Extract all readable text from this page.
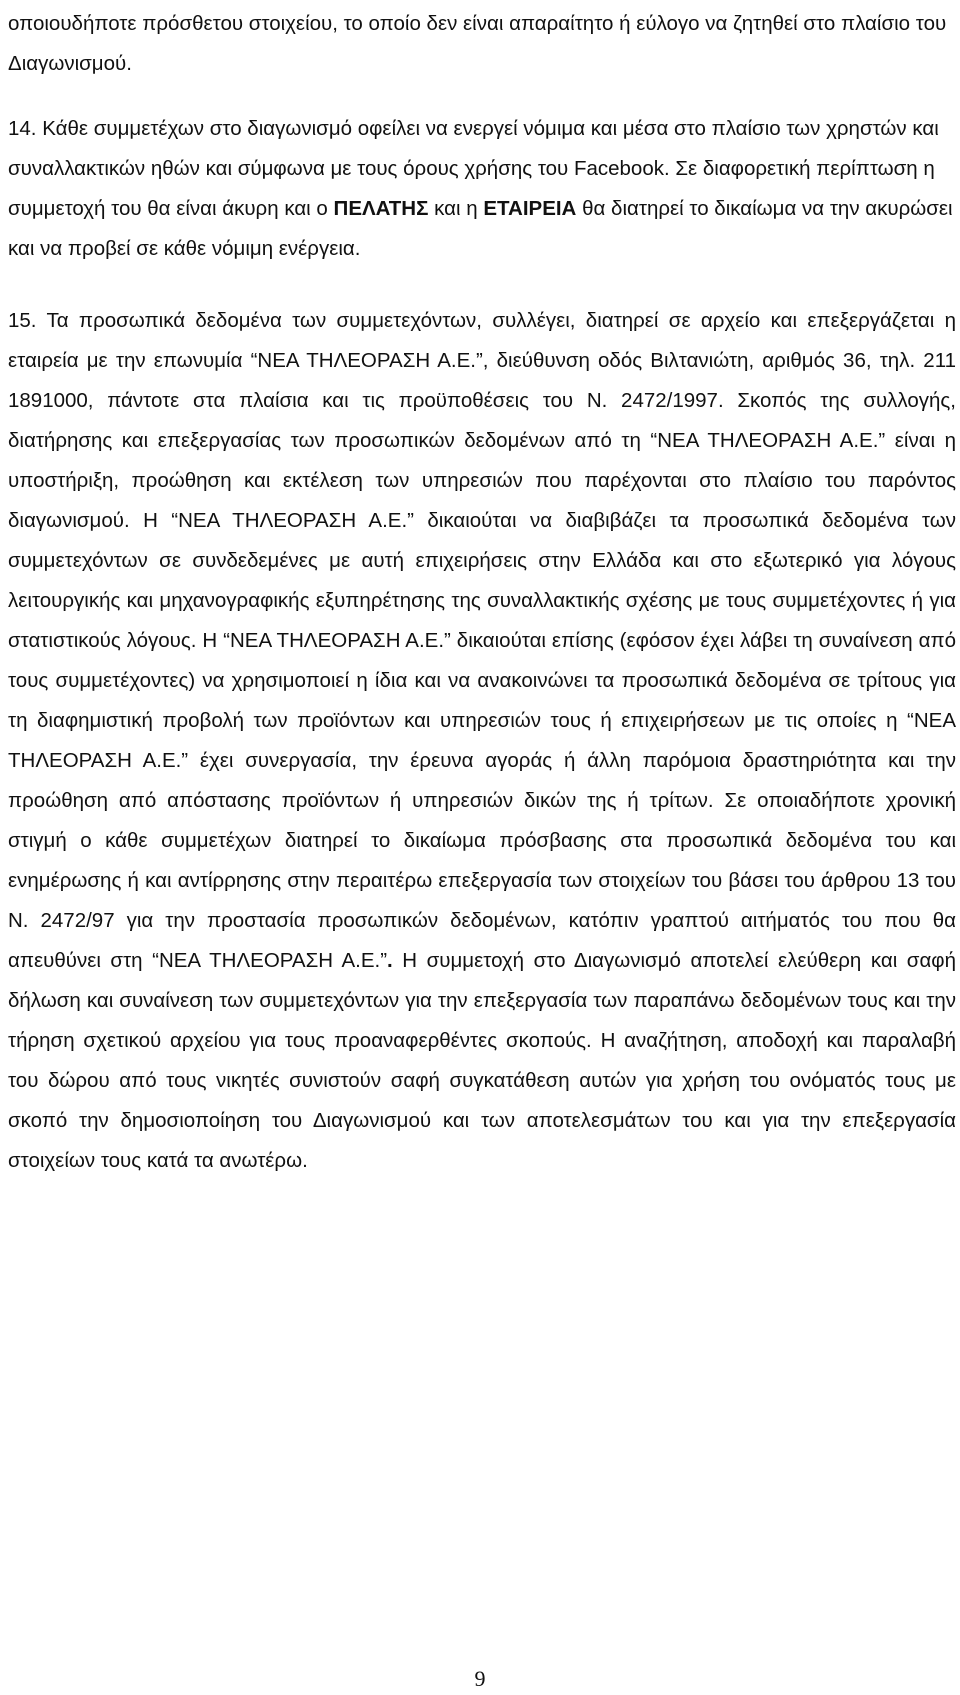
οποιουδήποτε πρόσθετου στοιχείου, το οποίο δεν είναι απαραίτητο ή εύλογο να ζητηθεί στο πλαίσιο του Διαγωνισμού.

14. Κάθε συμμετέχων στο διαγωνισμό οφείλει να ενεργεί νόμιμα και μέσα στο πλαίσιο των χρηστών και συναλλακτικών ηθών και σύμφωνα με τους όρους χρήσης του Facebook. Σε διαφορετική περίπτωση η συμμετοχή του θα είναι άκυρη και ο ΠΕΛΑΤΗΣ και η ΕΤΑΙΡΕΙΑ θα διατηρεί το δικαίωμα να την ακυρώσει και να προβεί σε κάθε νόμιμη ενέργεια.

15. Τα προσωπικά δεδομένα των συμμετεχόντων, συλλέγει, διατηρεί σε αρχείο και επεξεργάζεται η εταιρεία με την επωνυμία “ΝΕΑ ΤΗΛΕΟΡΑΣΗ Α.Ε.”, διεύθυνση οδός Βιλτανιώτη, αριθμός 36, τηλ. 211 1891000, πάντοτε στα πλαίσια και τις προϋποθέσεις του Ν. 2472/1997. Σκοπός της συλλογής, διατήρησης και επεξεργασίας των προσωπικών δεδομένων από τη “ΝΕΑ ΤΗΛΕΟΡΑΣΗ Α.Ε.” είναι η υποστήριξη, προώθηση και εκτέλεση των υπηρεσιών που παρέχονται στο πλαίσιο του παρόντος διαγωνισμού. Η “ΝΕΑ ΤΗΛΕΟΡΑΣΗ Α.Ε.” δικαιούται να διαβιβάζει τα προσωπικά δεδομένα των συμμετεχόντων σε συνδεδεμένες με αυτή επιχειρήσεις στην Ελλάδα και στο εξωτερικό για λόγους λειτουργικής και μηχανογραφικής εξυπηρέτησης της συναλλακτικής σχέσης με τους συμμετέχοντες ή για στατιστικούς λόγους. Η “ΝΕΑ ΤΗΛΕΟΡΑΣΗ Α.Ε.” δικαιούται επίσης (εφόσον έχει λάβει τη συναίνεση από τους συμμετέχοντες) να χρησιμοποιεί η ίδια και να ανακοινώνει τα προσωπικά δεδομένα σε τρίτους για τη διαφημιστική προβολή των προϊόντων και υπηρεσιών τους ή επιχειρήσεων με τις οποίες η “ΝΕΑ ΤΗΛΕΟΡΑΣΗ Α.Ε.” έχει συνεργασία, την έρευνα αγοράς ή άλλη παρόμοια δραστηριότητα και την προώθηση από απόστασης προϊόντων ή υπηρεσιών δικών της ή τρίτων. Σε οποιαδήποτε χρονική στιγμή ο κάθε συμμετέχων διατηρεί το δικαίωμα πρόσβασης στα προσωπικά δεδομένα του και ενημέρωσης ή και αντίρρησης στην περαιτέρω επεξεργασία των στοιχείων του βάσει του άρθρου 13 του Ν. 2472/97 για την προστασία προσωπικών δεδομένων, κατόπιν γραπτού αιτήματός του που θα απευθύνει στη “ΝΕΑ ΤΗΛΕΟΡΑΣΗ Α.Ε.”. Η συμμετοχή στο Διαγωνισμό αποτελεί ελεύθερη και σαφή δήλωση και συναίνεση των συμμετεχόντων για την επεξεργασία των παραπάνω δεδομένων τους και την τήρηση σχετικού αρχείου για τους προαναφερθέντες σκοπούς. Η αναζήτηση, αποδοχή και παραλαβή του δώρου από τους νικητές συνιστούν σαφή συγκατάθεση αυτών για χρήση του ονόματός τους με σκοπό την δημοσιοποίηση του Διαγωνισμού και των αποτελεσμάτων του και για την επεξεργασία στοιχείων τους κατά τα ανωτέρω.

9
